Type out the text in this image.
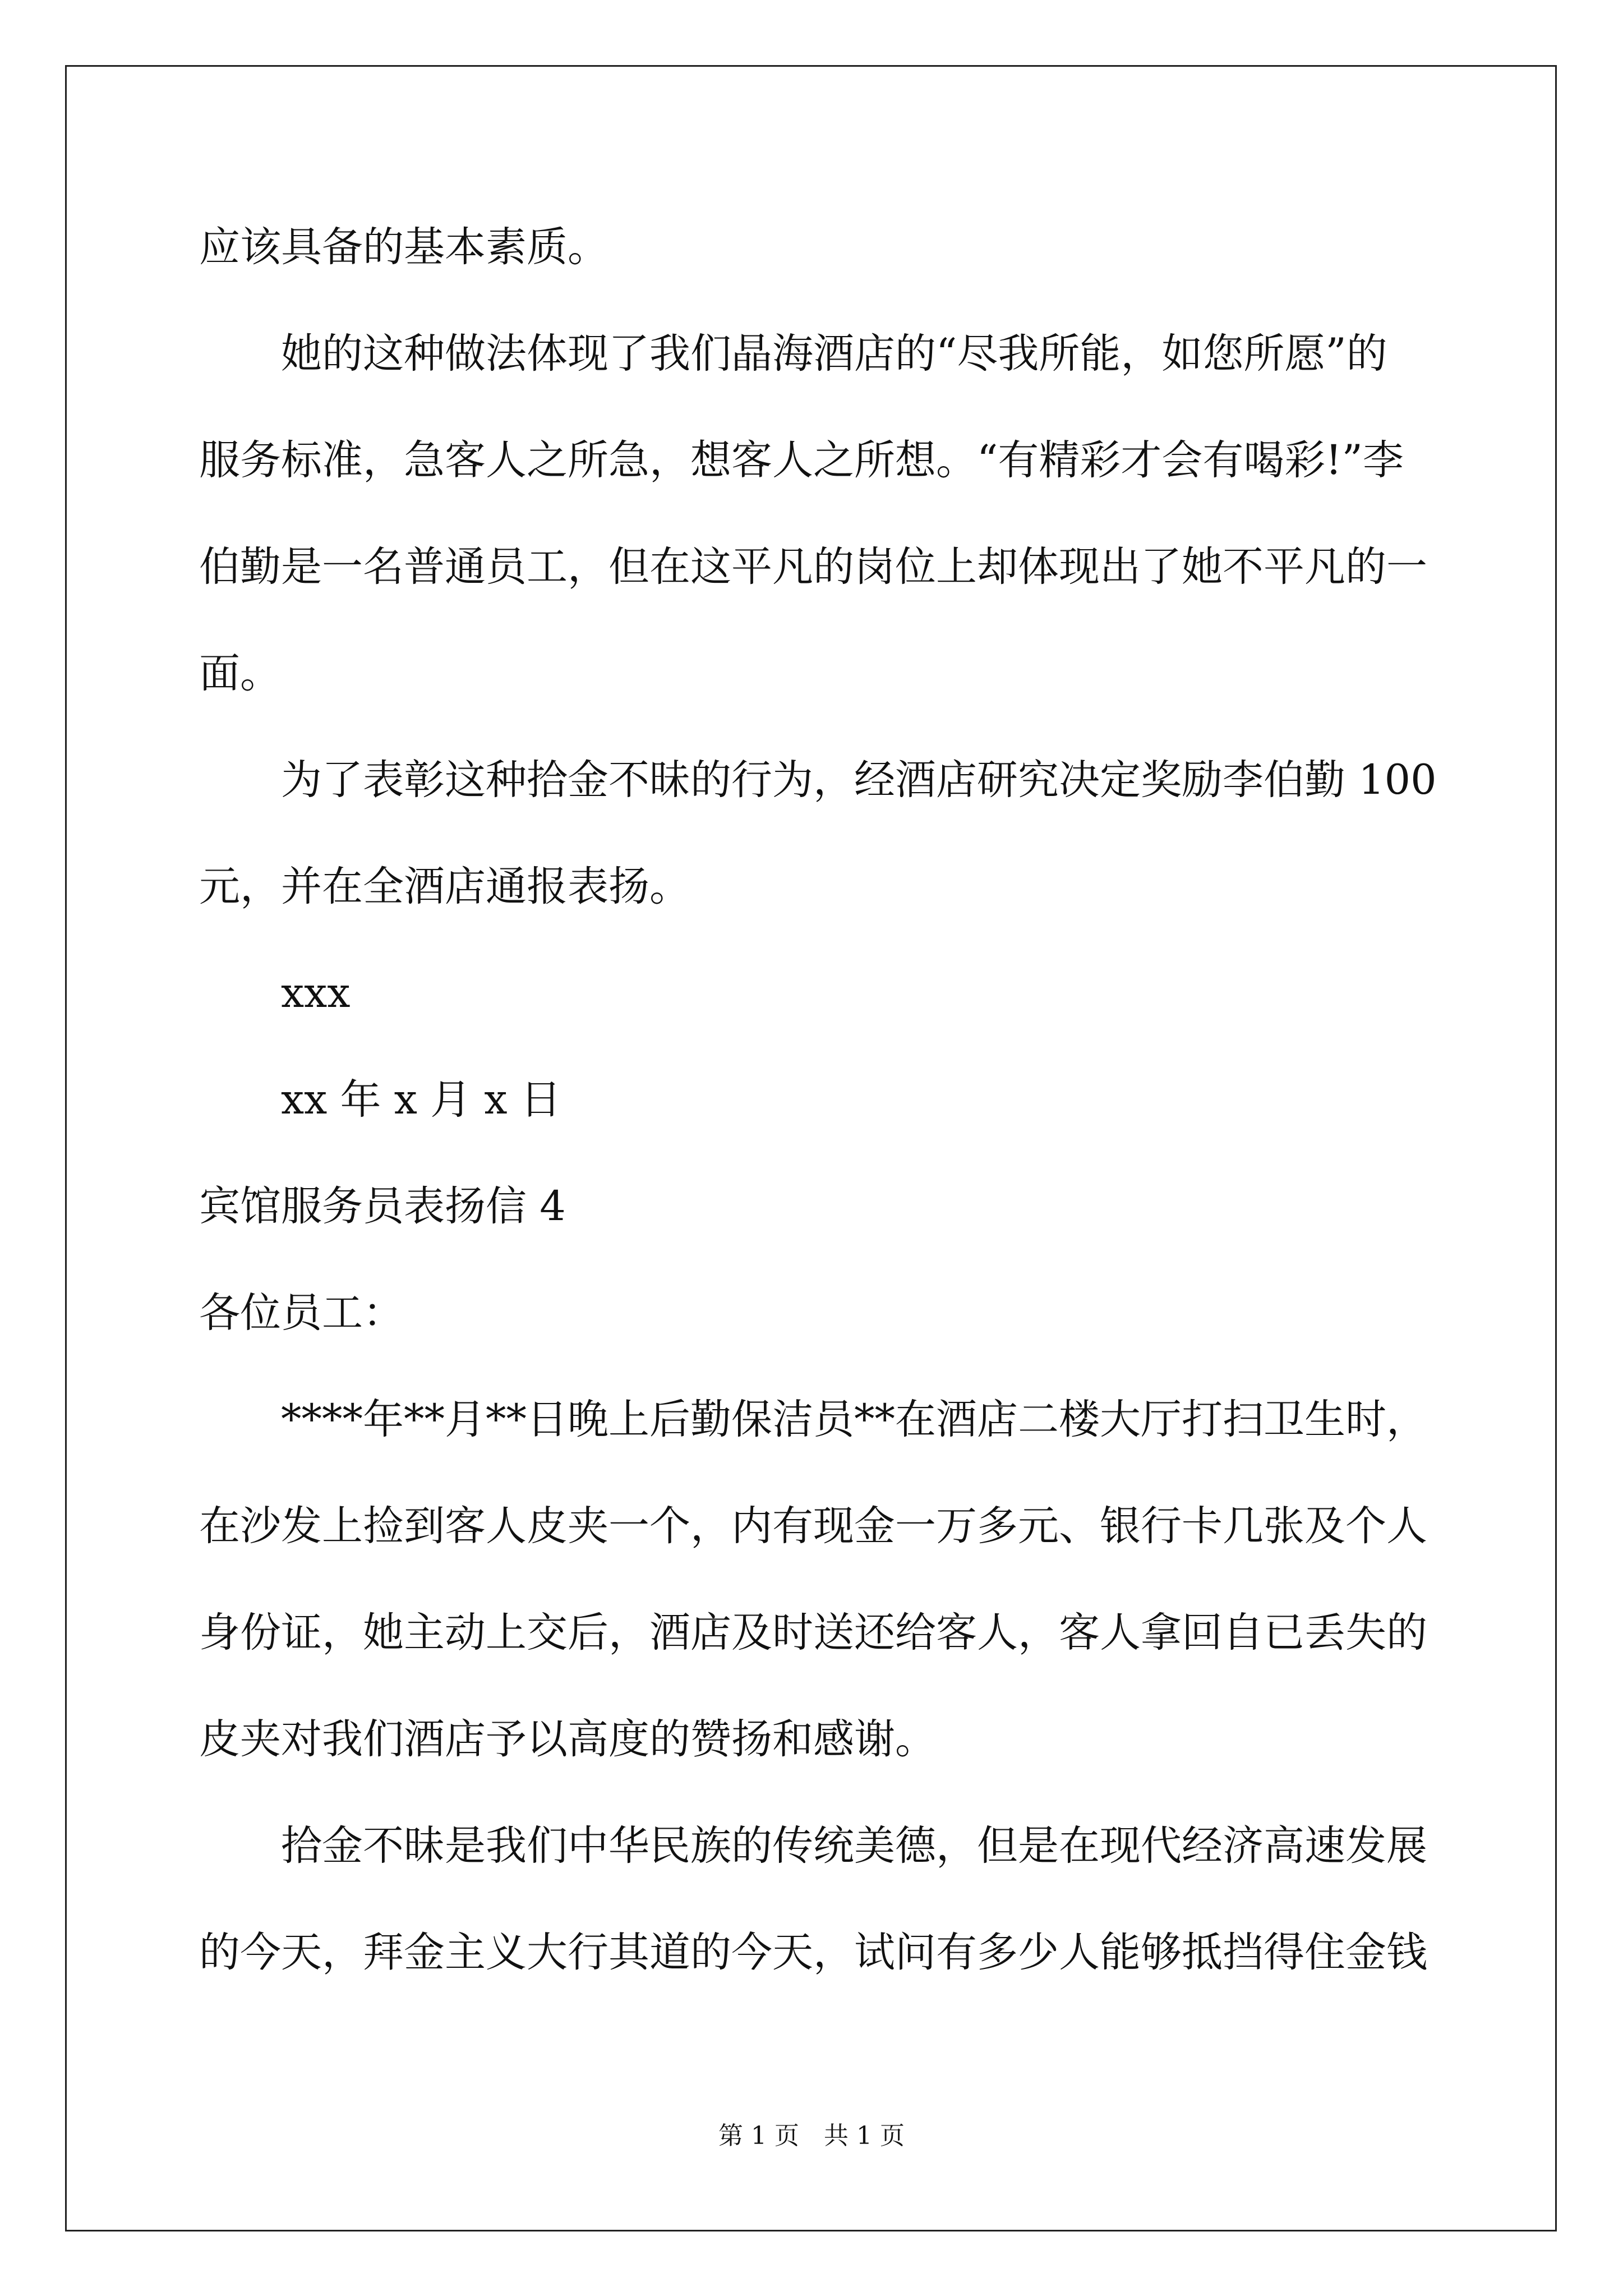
应该具备的基本素质。
她的这种做法体现了我们晶海酒店的“尽我所能，如您所愿”的
服务标准，急客人之所急，想客人之所想。“有精彩才会有喝彩!”李
伯勤是一名普通员工，但在这平凡的岗位上却体现出了她不平凡的一
面。
为了表彰这种拾金不昧的行为，经酒店研究决定奖励李伯勤 100
元，并在全酒店通报表扬。
xxx
xx 年 x 月 x 日
宾馆服务员表扬信 4
各位员工：
****年**月**日晚上后勤保洁员**在酒店二楼大厅打扫卫生时，
在沙发上捡到客人皮夹一个，内有现金一万多元、银行卡几张及个人
身份证，她主动上交后，酒店及时送还给客人，客人拿回自已丢失的
皮夹对我们酒店予以高度的赞扬和感谢。
拾金不昧是我们中华民族的传统美德，但是在现代经济高速发展
的今天，拜金主义大行其道的今天，试问有多少人能够抵挡得住金钱
第 1 页　共 1 页
